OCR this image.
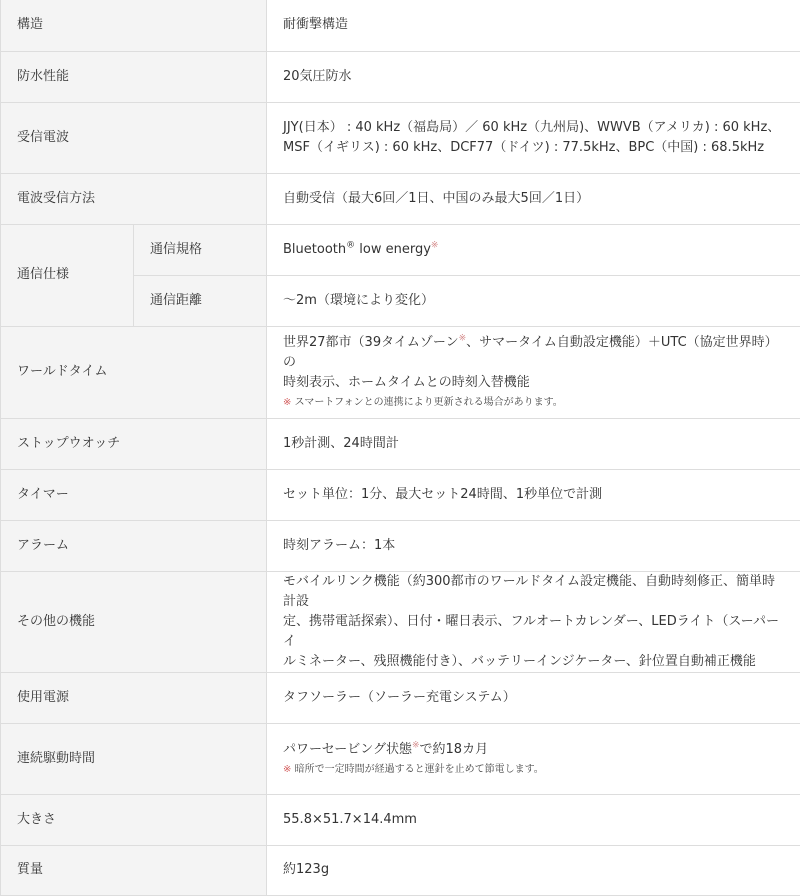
構造		耐衝撃構造
防水性能		20気圧防水
受信電波		JJY(日本） : 40 kHz（福島局）／ 60 kHz（九州局)、WWVB（アメリカ) : 60 kHz、
MSF（イギリス) : 60 kHz、DCF77（ドイツ) : 77.5kHz、BPC（中国) : 68.5kHz

電波受信方法		自動受信（最大6回／1日、中国のみ最大5回／1日）
通信仕様	通信規格	Bluetooth® low energy※
	通信距離	～2m（環境により変化）
ワールドタイム		世界27都市（39タイムゾーン※、サマータイム自動設定機能）＋UTC（協定世界時）の
時刻表示、ホームタイムとの時刻入替機能
※ スマートフォンとの連携により更新される場合があります。

ストップウオッチ		1秒計測、24時間計
タイマー		セット単位：1分、最大セット24時間、1秒単位で計測
アラーム		時刻アラーム：1本
その他の機能		モバイルリンク機能（約300都市のワールドタイム設定機能、自動時刻修正、簡単時計設
定、携帯電話探索）、日付・曜日表示、フルオートカレンダー、LEDライト（スーパーイ
ルミネーター、残照機能付き）、バッテリーインジケーター、針位置自動補正機能

使用電源		タフソーラー（ソーラー充電システム）
連続駆動時間		パワーセービング状態※で約18カ月
※ 暗所で一定時間が経過すると運針を止めて節電します。

大きさ		55.8×51.7×14.4mm
質量		約123g
